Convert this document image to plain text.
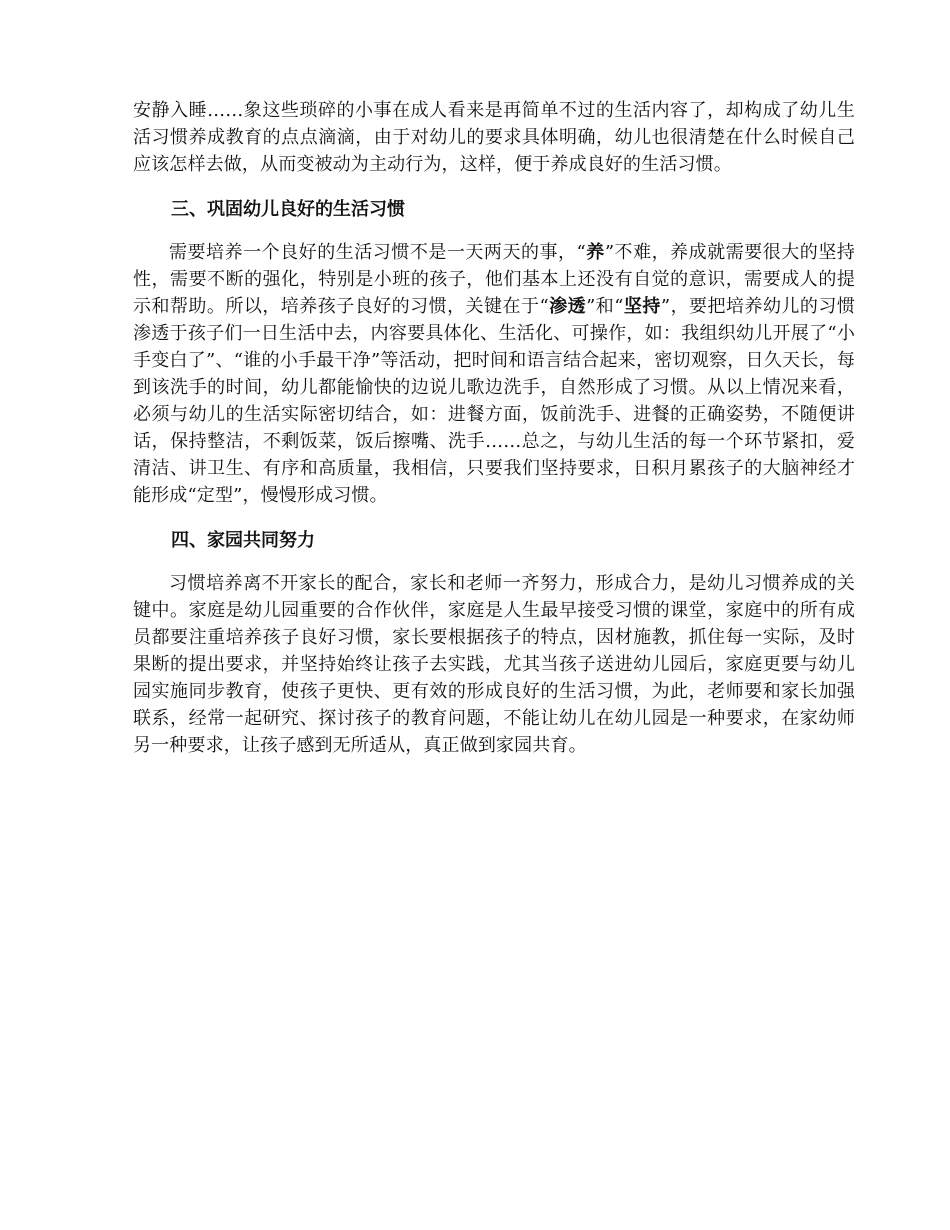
安静入睡……象这些琐碎的小事在成人看来是再简单不过的生活内容了，却构成了幼儿生活习惯养成教育的点点滴滴，由于对幼儿的要求具体明确，幼儿也很清楚在什么时候自己应该怎样去做，从而变被动为主动行为，这样，便于养成良好的生活习惯。

三、巩固幼儿良好的生活习惯

需要培养一个良好的生活习惯不是一天两天的事，“养”不难，养成就需要很大的坚持性，需要不断的强化，特别是小班的孩子，他们基本上还没有自觉的意识，需要成人的提示和帮助。所以，培养孩子良好的习惯，关键在于“渗透”和“坚持”，要把培养幼儿的习惯渗透于孩子们一日生活中去，内容要具体化、生活化、可操作，如：我组织幼儿开展了“小手变白了”、“谁的小手最干净”等活动，把时间和语言结合起来，密切观察，日久天长，每到该洗手的时间，幼儿都能愉快的边说儿歌边洗手，自然形成了习惯。从以上情况来看，必须与幼儿的生活实际密切结合，如：进餐方面，饭前洗手、进餐的正确姿势，不随便讲话，保持整洁，不剩饭菜，饭后擦嘴、洗手……总之，与幼儿生活的每一个环节紧扣，爱清洁、讲卫生、有序和高质量，我相信，只要我们坚持要求，日积月累孩子的大脑神经才能形成“定型”，慢慢形成习惯。

四、家园共同努力

习惯培养离不开家长的配合，家长和老师一齐努力，形成合力，是幼儿习惯养成的关键中。家庭是幼儿园重要的合作伙伴，家庭是人生最早接受习惯的课堂，家庭中的所有成员都要注重培养孩子良好习惯，家长要根据孩子的特点，因材施教，抓住每一实际，及时果断的提出要求，并坚持始终让孩子去实践，尤其当孩子送进幼儿园后，家庭更要与幼儿园实施同步教育，使孩子更快、更有效的形成良好的生活习惯，为此，老师要和家长加强联系，经常一起研究、探讨孩子的教育问题，不能让幼儿在幼儿园是一种要求，在家幼师另一种要求，让孩子感到无所适从，真正做到家园共育。
